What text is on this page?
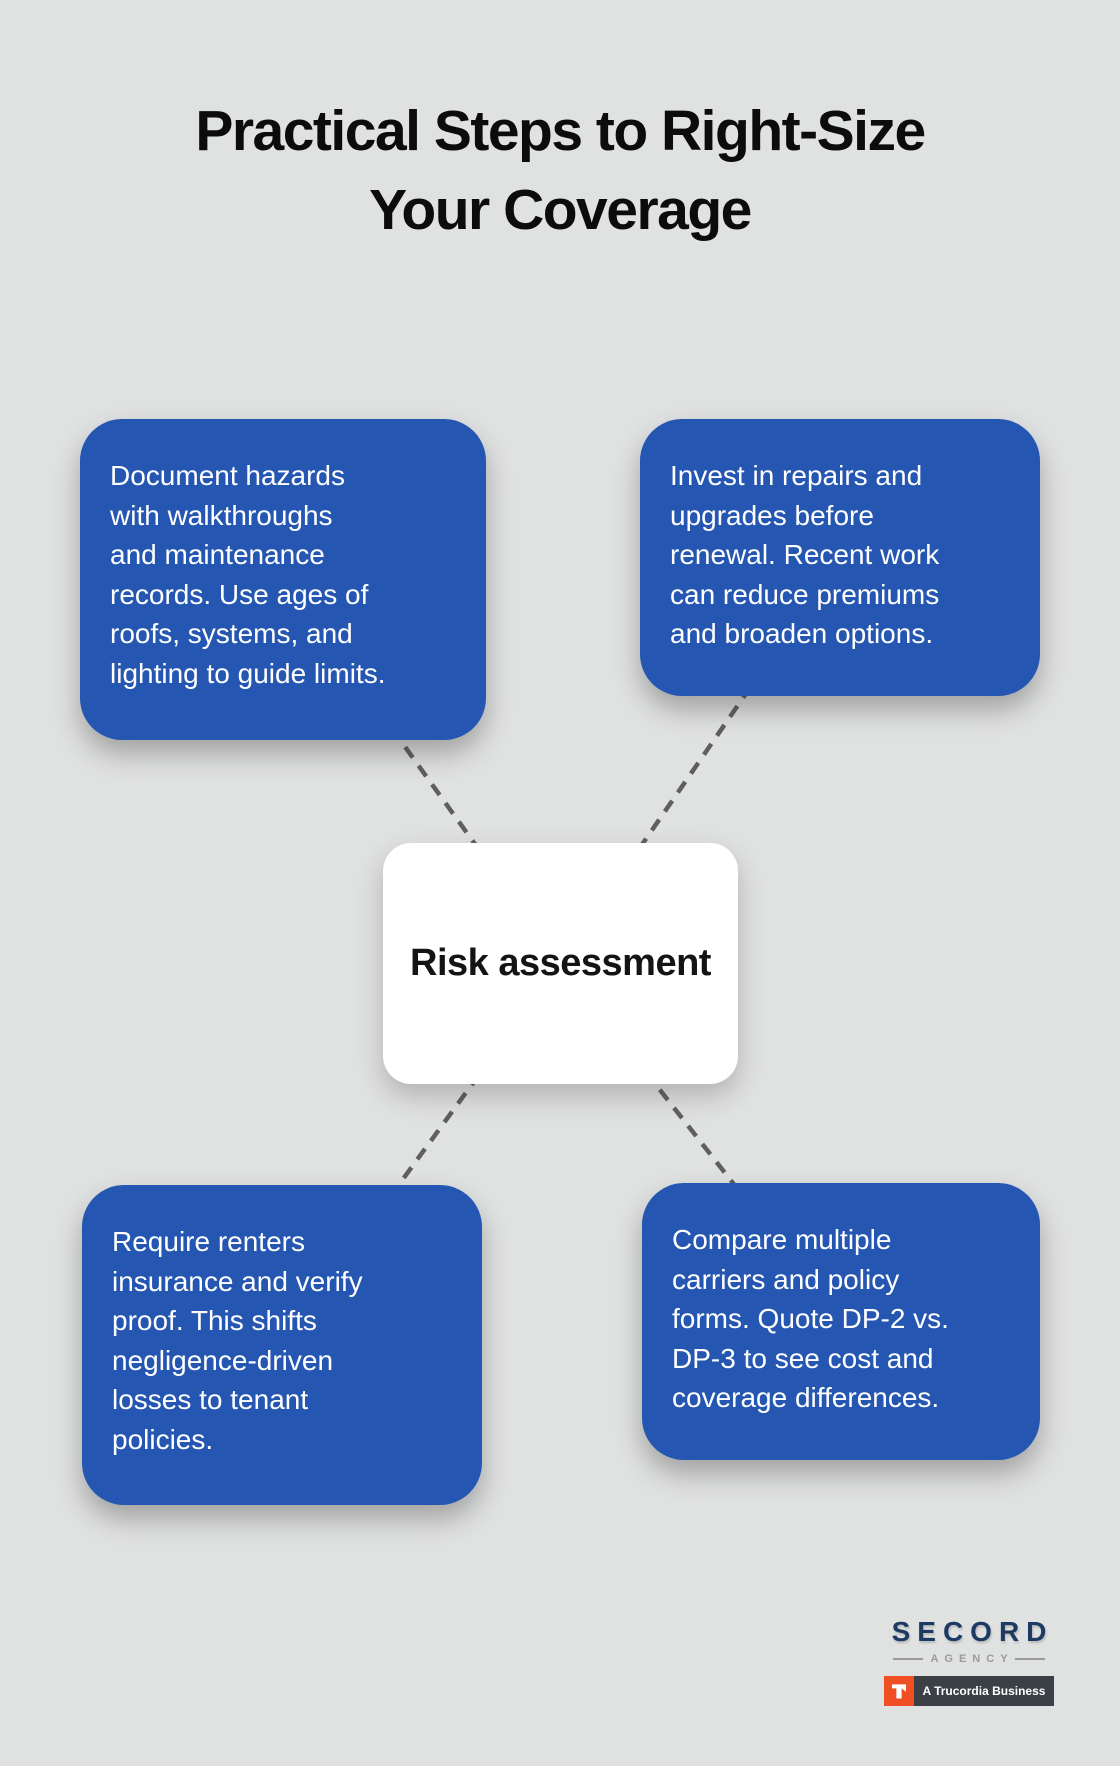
Practical Steps to Right-Size
Your Coverage
Document hazards
with walkthroughs
and maintenance
records. Use ages of
roofs, systems, and
lighting to guide limits.
Invest in repairs and
upgrades before
renewal. Recent work
can reduce premiums
and broaden options.
Risk assessment
Require renters
insurance and verify
proof. This shifts
negligence-driven
losses to tenant
policies.
Compare multiple
carriers and policy
forms. Quote DP-2 vs.
DP-3 to see cost and
coverage differences.
SECORD
AGENCY
A Trucordia Business
